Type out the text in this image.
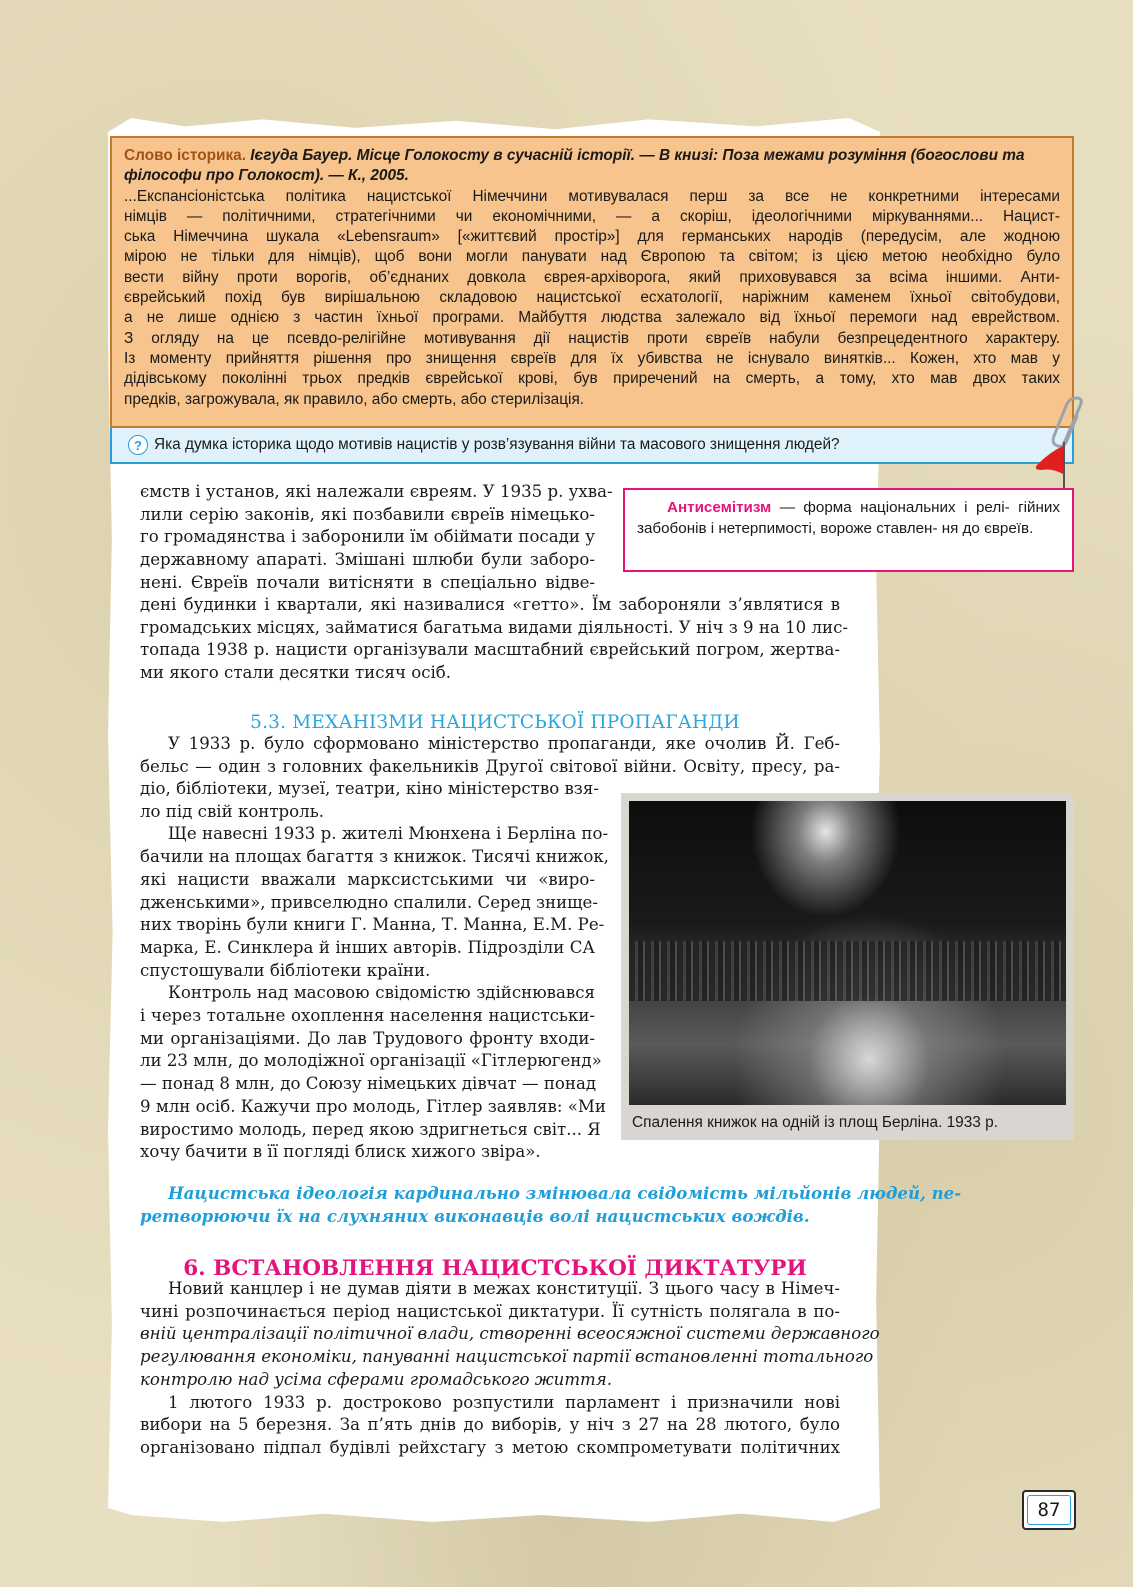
Слово історика. Ієгуда Бауер. Місце Голокосту в сучасній історії. — В книзі: Поза межами розуміння (богослови та філософи про Голокост). — К., 2005.
...Експансіоністська політика нацистської Німеччини мотивувалася перш за все не конкретними інтересами
німців — політичними, стратегічними чи економічними, — а скоріш, ідеологічними міркуваннями... Нацист-
ська Німеччина шукала «Lebensraum» [«життєвий простір»] для германських народів (передусім, але жодною
мірою не тільки для німців), щоб вони могли панувати над Європою та світом; із цією метою необхідно було
вести війну проти ворогів, об’єднаних довкола єврея-архіворога, який приховувався за всіма іншими. Анти-
єврейський похід був вирішальною складовою нацистської есхатології, наріжним каменем їхньої світобудови,
а не лише однією з частин їхньої програми. Майбуття людства залежало від їхньої перемоги над еврейством.
З огляду на це псевдо-релігійне мотивування дії нацистів проти євреїв набули безпрецедентного характеру.
Із моменту прийняття рішення про знищення євреїв для їх убивства не існувало винятків... Кожен, хто мав у
дідівському поколінні трьох предків єврейської крові, був приречений на смерть, а тому, хто мав двох таких
предків, загрожувала, як правило, або смерть, або стерилізація.
? Яка думка історика щодо мотивів нацистів у розв’язування війни та масового знищення людей?
Антисемітизм — форма національних і релі- гійних забобонів і нетерпимості, вороже ставлен- ня до євреїв.
ємств і установ, які належали євреям. У 1935 р. ухва-
лили серію законів, які позбавили євреїв німецько-
го громадянства і заборонили їм обіймати посади у
державному апараті. Змішані шлюби були заборо-
нені. Євреїв почали витісняти в спеціально відве-
дені будинки і квартали, які називалися «гетто». Їм забороняли з’являтися в
громадських місцях, займатися багатьма видами діяльності. У ніч з 9 на 10 лис-
топада 1938 р. нацисти організували масштабний єврейський погром, жертва-
ми якого стали десятки тисяч осіб.
5.3. МЕХАНІЗМИ НАЦИСТСЬКОЇ ПРОПАГАНДИ
У 1933 р. було сформовано міністерство пропаганди, яке очолив Й. Геб-
бельс — один з головних факельників Другої світової війни. Освіту, пресу, ра-
діо, бібліотеки, музеї, театри, кіно міністерство взя-
ло під свій контроль.
Ще навесні 1933 р. жителі Мюнхена і Берліна по-
бачили на площах багаття з книжок. Тисячі книжок,
які нацисти вважали марксистськими чи «виро-
дженськими», привселюдно спалили. Серед знище-
них творінь були книги Г. Манна, Т. Манна, Е.М. Ре-
марка, Е. Синклера й інших авторів. Підрозділи СА
спустошували бібліотеки країни.
Контроль над масовою свідомістю здійснювався
і через тотальне охоплення населення нацистськи-
ми організаціями. До лав Трудового фронту входи-
ли 23 млн, до молодіжної організації «Гітлерюгенд»
— понад 8 млн, до Союзу німецьких дівчат — понад
9 млн осіб. Кажучи про молодь, Гітлер заявляв: «Ми
виростимо молодь, перед якою здригнеться світ... Я
хочу бачити в її погляді блиск хижого звіра».
Нацистська ідеологія кардинально змінювала свідомість мільйонів людей, пе-
ретворюючи їх на слухняних виконавців волі нацистських вождів.
Спалення книжок на одній із площ Берліна. 1933 р.
6. ВСТАНОВЛЕННЯ НАЦИСТСЬКОЇ ДИКТАТУРИ
Новий канцлер і не думав діяти в межах конституції. З цього часу в Німеч-
чині розпочинається період нацистської диктатури. Її сутність полягала в по-
вній централізації політичної влади, створенні всеосяжної системи державного
регулювання економіки, пануванні нацистської партії встановленні тотального
контролю над усіма сферами громадського життя.
1 лютого 1933 р. достроково розпустили парламент і призначили нові
вибори на 5 березня. За п’ять днів до виборів, у ніч з 27 на 28 лютого, було
організовано підпал будівлі рейхстагу з метою скомпрометувати політичних
87
